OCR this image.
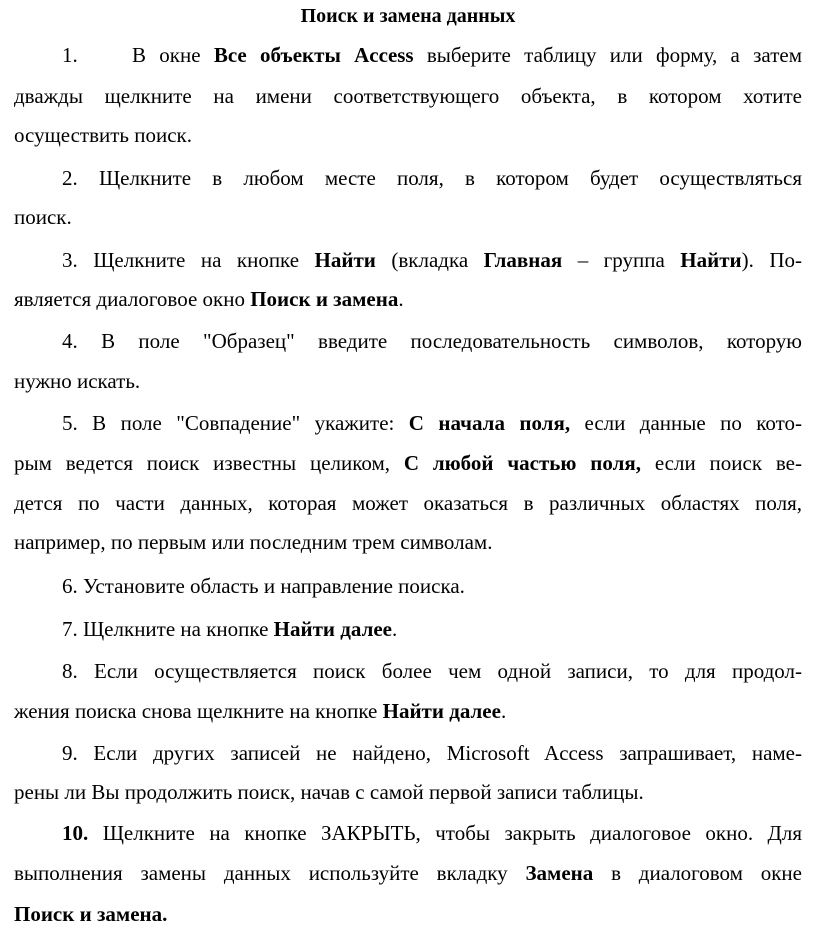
Поиск и замена данных
1.	В окне Все объекты Access выберите таблицу или форму, а затем
дважды щелкните на имени соответствующего объекта, в котором хотите
осуществить поиск.
2. Щелкните в любом месте поля, в котором будет осуществляться
поиск.
3. Щелкните на кнопке Найти (вкладка Главная – группа Найти). По-
является диалоговое окно Поиск и замена.
4. В поле "Образец" введите последовательность символов, которую
нужно искать.
5. В поле "Совпадение" укажите: С начала поля, если данные по кото-
рым ведется поиск известны целиком, С любой частью поля, если поиск ве-
дется по части данных, которая может оказаться в различных областях поля,
например, по первым или последним трем символам.
6. Установите область и направление поиска.
7. Щелкните на кнопке Найти далее.
8. Если осуществляется поиск более чем одной записи, то для продол-
жения поиска снова щелкните на кнопке Найти далее.
9. Если других записей не найдено, Microsoft Access запрашивает, наме-
рены ли Вы продолжить поиск, начав с самой первой записи таблицы.
10. Щелкните на кнопке ЗАКРЫТЬ, чтобы закрыть диалоговое окно. Для
выполнения замены данных используйте вкладку Замена в диалоговом окне
Поиск и замена.
